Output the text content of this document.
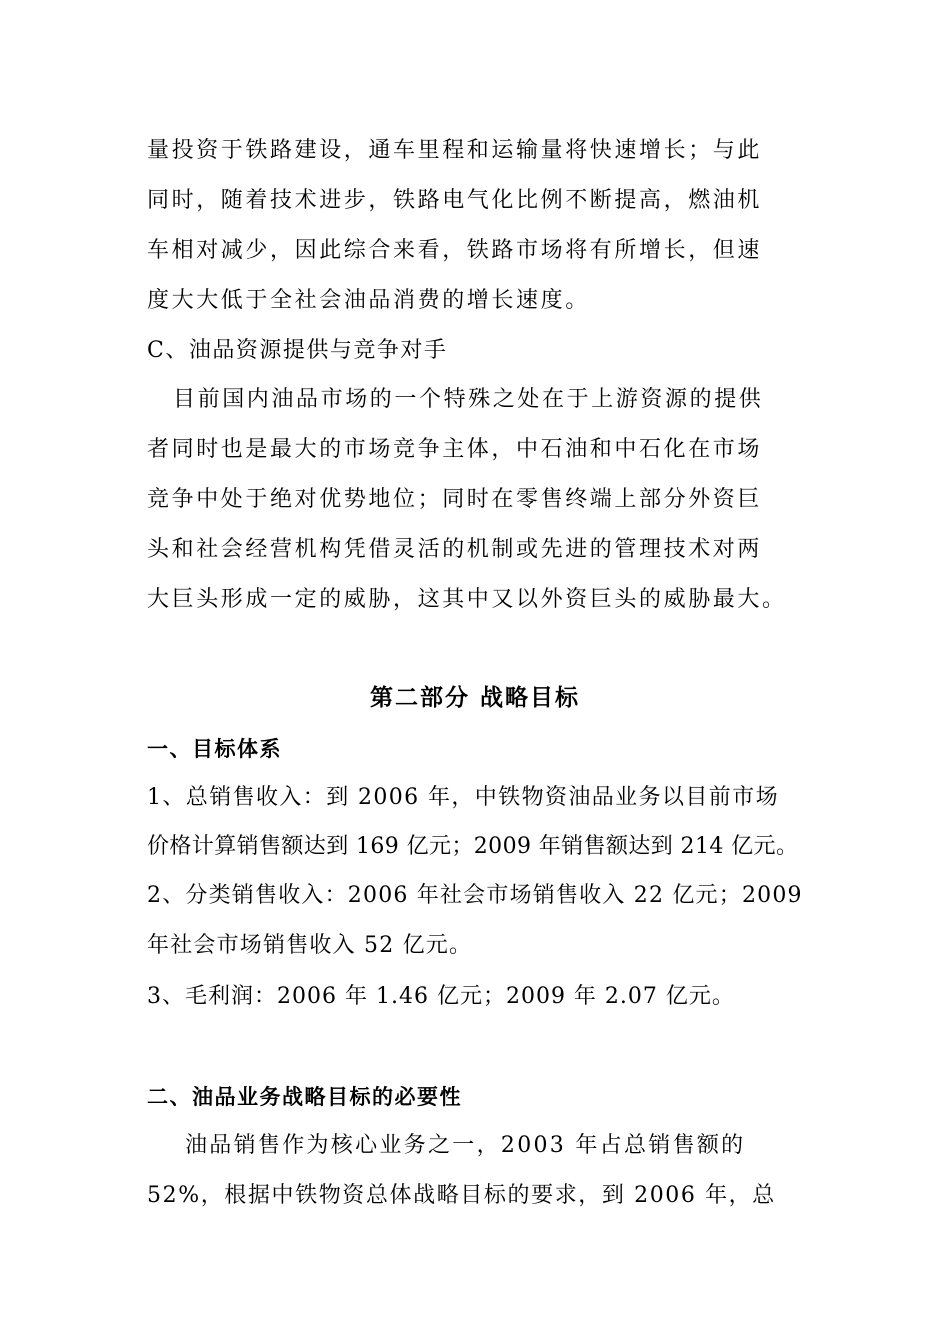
量投资于铁路建设，通车里程和运输量将快速增长；与此
同时，随着技术进步，铁路电气化比例不断提高，燃油机
车相对减少，因此综合来看，铁路市场将有所增长，但速
度大大低于全社会油品消费的增长速度。
C、油品资源提供与竞争对手
目前国内油品市场的一个特殊之处在于上游资源的提供
者同时也是最大的市场竞争主体，中石油和中石化在市场
竞争中处于绝对优势地位；同时在零售终端上部分外资巨
头和社会经营机构凭借灵活的机制或先进的管理技术对两
大巨头形成一定的威胁，这其中又以外资巨头的威胁最大。
第二部分 战略目标
一、目标体系
1、总销售收入：到 2006 年，中铁物资油品业务以目前市场
价格计算销售额达到 169 亿元；2009 年销售额达到 214 亿元。
2、分类销售收入：2006 年社会市场销售收入 22 亿元；2009
年社会市场销售收入 52 亿元。
3、毛利润：2006 年 1.46 亿元；2009 年 2.07 亿元。
二、油品业务战略目标的必要性
油品销售作为核心业务之一，2003 年占总销售额的
52%，根据中铁物资总体战略目标的要求，到 2006 年，总
